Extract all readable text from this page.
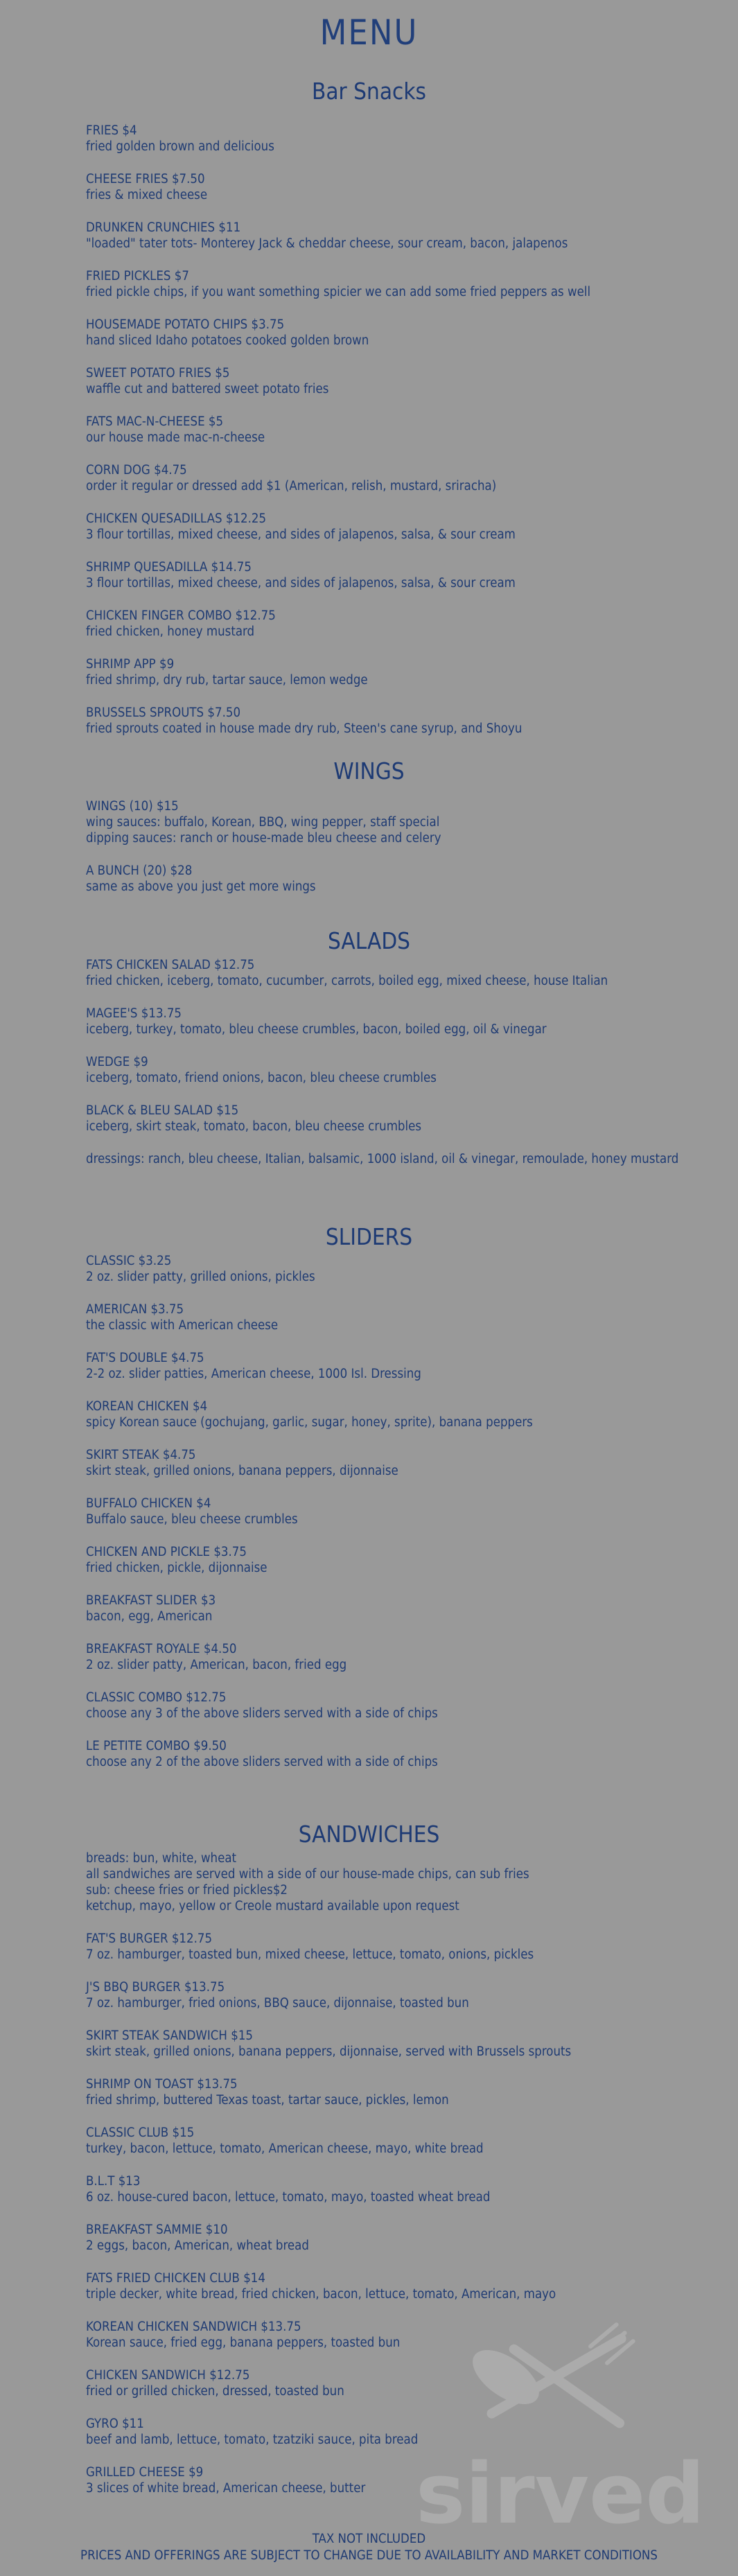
MENU
Bar Snacks
FRIES $4
fried golden brown and delicious
CHEESE FRIES $7.50
fries & mixed cheese
DRUNKEN CRUNCHIES $11
"loaded" tater tots- Monterey Jack & cheddar cheese, sour cream, bacon, jalapenos
FRIED PICKLES $7
fried pickle chips, if you want something spicier we can add some fried peppers as well
HOUSEMADE POTATO CHIPS $3.75
hand sliced Idaho potatoes cooked golden brown
SWEET POTATO FRIES $5
waffle cut and battered sweet potato fries
FATS MAC-N-CHEESE $5
our house made mac-n-cheese
CORN DOG $4.75
order it regular or dressed add $1 (American, relish, mustard, sriracha)
CHICKEN QUESADILLAS $12.25
3 flour tortillas, mixed cheese, and sides of jalapenos, salsa, & sour cream
SHRIMP QUESADILLA $14.75
3 flour tortillas, mixed cheese, and sides of jalapenos, salsa, & sour cream
CHICKEN FINGER COMBO $12.75
fried chicken, honey mustard
SHRIMP APP $9
fried shrimp, dry rub, tartar sauce, lemon wedge
BRUSSELS SPROUTS $7.50
fried sprouts coated in house made dry rub, Steen's cane syrup, and Shoyu
WINGS
WINGS (10) $15
wing sauces: buffalo, Korean, BBQ, wing pepper, staff special
dipping sauces: ranch or house-made bleu cheese and celery
A BUNCH (20) $28
same as above you just get more wings
SALADS
FATS CHICKEN SALAD $12.75
fried chicken, iceberg, tomato, cucumber, carrots, boiled egg, mixed cheese, house Italian
MAGEE'S $13.75
iceberg, turkey, tomato, bleu cheese crumbles, bacon, boiled egg, oil & vinegar
WEDGE $9
iceberg, tomato, friend onions, bacon, bleu cheese crumbles
BLACK & BLEU SALAD $15
iceberg, skirt steak, tomato, bacon, bleu cheese crumbles
dressings: ranch, bleu cheese, Italian, balsamic, 1000 island, oil & vinegar, remoulade, honey mustard
SLIDERS
CLASSIC $3.25
2 oz. slider patty, grilled onions, pickles
AMERICAN $3.75
the classic with American cheese
FAT'S DOUBLE $4.75
2-2 oz. slider patties, American cheese, 1000 Isl. Dressing
KOREAN CHICKEN $4
spicy Korean sauce (gochujang, garlic, sugar, honey, sprite), banana peppers
SKIRT STEAK $4.75
skirt steak, grilled onions, banana peppers, dijonnaise
BUFFALO CHICKEN $4
Buffalo sauce, bleu cheese crumbles
CHICKEN AND PICKLE $3.75
fried chicken, pickle, dijonnaise
BREAKFAST SLIDER $3
bacon, egg, American
BREAKFAST ROYALE $4.50
2 oz. slider patty, American, bacon, fried egg
CLASSIC COMBO $12.75
choose any 3 of the above sliders served with a side of chips
LE PETITE COMBO $9.50
choose any 2 of the above sliders served with a side of chips
SANDWICHES
breads: bun, white, wheat
all sandwiches are served with a side of our house-made chips, can sub fries
sub: cheese fries or fried pickles$2
ketchup, mayo, yellow or Creole mustard available upon request
FAT'S BURGER $12.75
7 oz. hamburger, toasted bun, mixed cheese, lettuce, tomato, onions, pickles
J'S BBQ BURGER $13.75
7 oz. hamburger, fried onions, BBQ sauce, dijonnaise, toasted bun
SKIRT STEAK SANDWICH $15
skirt steak, grilled onions, banana peppers, dijonnaise, served with Brussels sprouts
SHRIMP ON TOAST $13.75
fried shrimp, buttered Texas toast, tartar sauce, pickles, lemon
CLASSIC CLUB $15
turkey, bacon, lettuce, tomato, American cheese, mayo, white bread
B.L.T $13
6 oz. house-cured bacon, lettuce, tomato, mayo, toasted wheat bread
BREAKFAST SAMMIE $10
2 eggs, bacon, American, wheat bread
FATS FRIED CHICKEN CLUB $14
triple decker, white bread, fried chicken, bacon, lettuce, tomato, American, mayo
KOREAN CHICKEN SANDWICH $13.75
Korean sauce, fried egg, banana peppers, toasted bun
CHICKEN SANDWICH $12.75
fried or grilled chicken, dressed, toasted bun
GYRO $11
beef and lamb, lettuce, tomato, tzatziki sauce, pita bread
GRILLED CHEESE $9
3 slices of white bread, American cheese, butter sirved
TAX NOT INCLUDED
PRICES AND OFFERINGS ARE SUBJECT TO CHANGE DUE TO AVAILABILITY AND MARKET CONDITIONS
